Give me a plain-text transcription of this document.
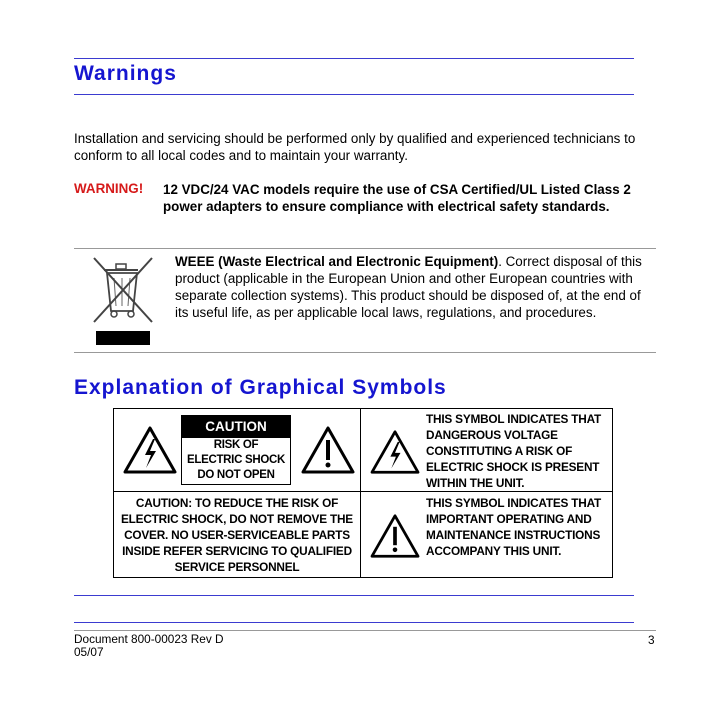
Warnings

Installation and servicing should be performed only by qualified and experienced technicians to conform to all local codes and to maintain your warranty.

WARNING! 12 VDC/24 VAC models require the use of CSA Certified/UL Listed Class 2 power adapters to ensure compliance with electrical safety standards.

WEEE (Waste Electrical and Electronic Equipment). Correct disposal of this product (applicable in the European Union and other European countries with separate collection systems). This product should be disposed of, at the end of its useful life, as per applicable local laws, regulations, and procedures.

Explanation of Graphical Symbols
CAUTION
RISK OF
ELECTRIC SHOCK
DO NOT OPEN

THIS SYMBOL INDICATES THAT DANGEROUS VOLTAGE CONSTITUTING A RISK OF ELECTRIC SHOCK IS PRESENT WITHIN THE UNIT.

CAUTION: TO REDUCE THE RISK OF ELECTRIC SHOCK, DO NOT REMOVE THE COVER. NO USER-SERVICEABLE PARTS INSIDE REFER SERVICING TO QUALIFIED SERVICE PERSONNEL

THIS SYMBOL INDICATES THAT IMPORTANT OPERATING AND MAINTENANCE INSTRUCTIONS ACCOMPANY THIS UNIT.

Document 800-00023 Rev D
05/07
3
